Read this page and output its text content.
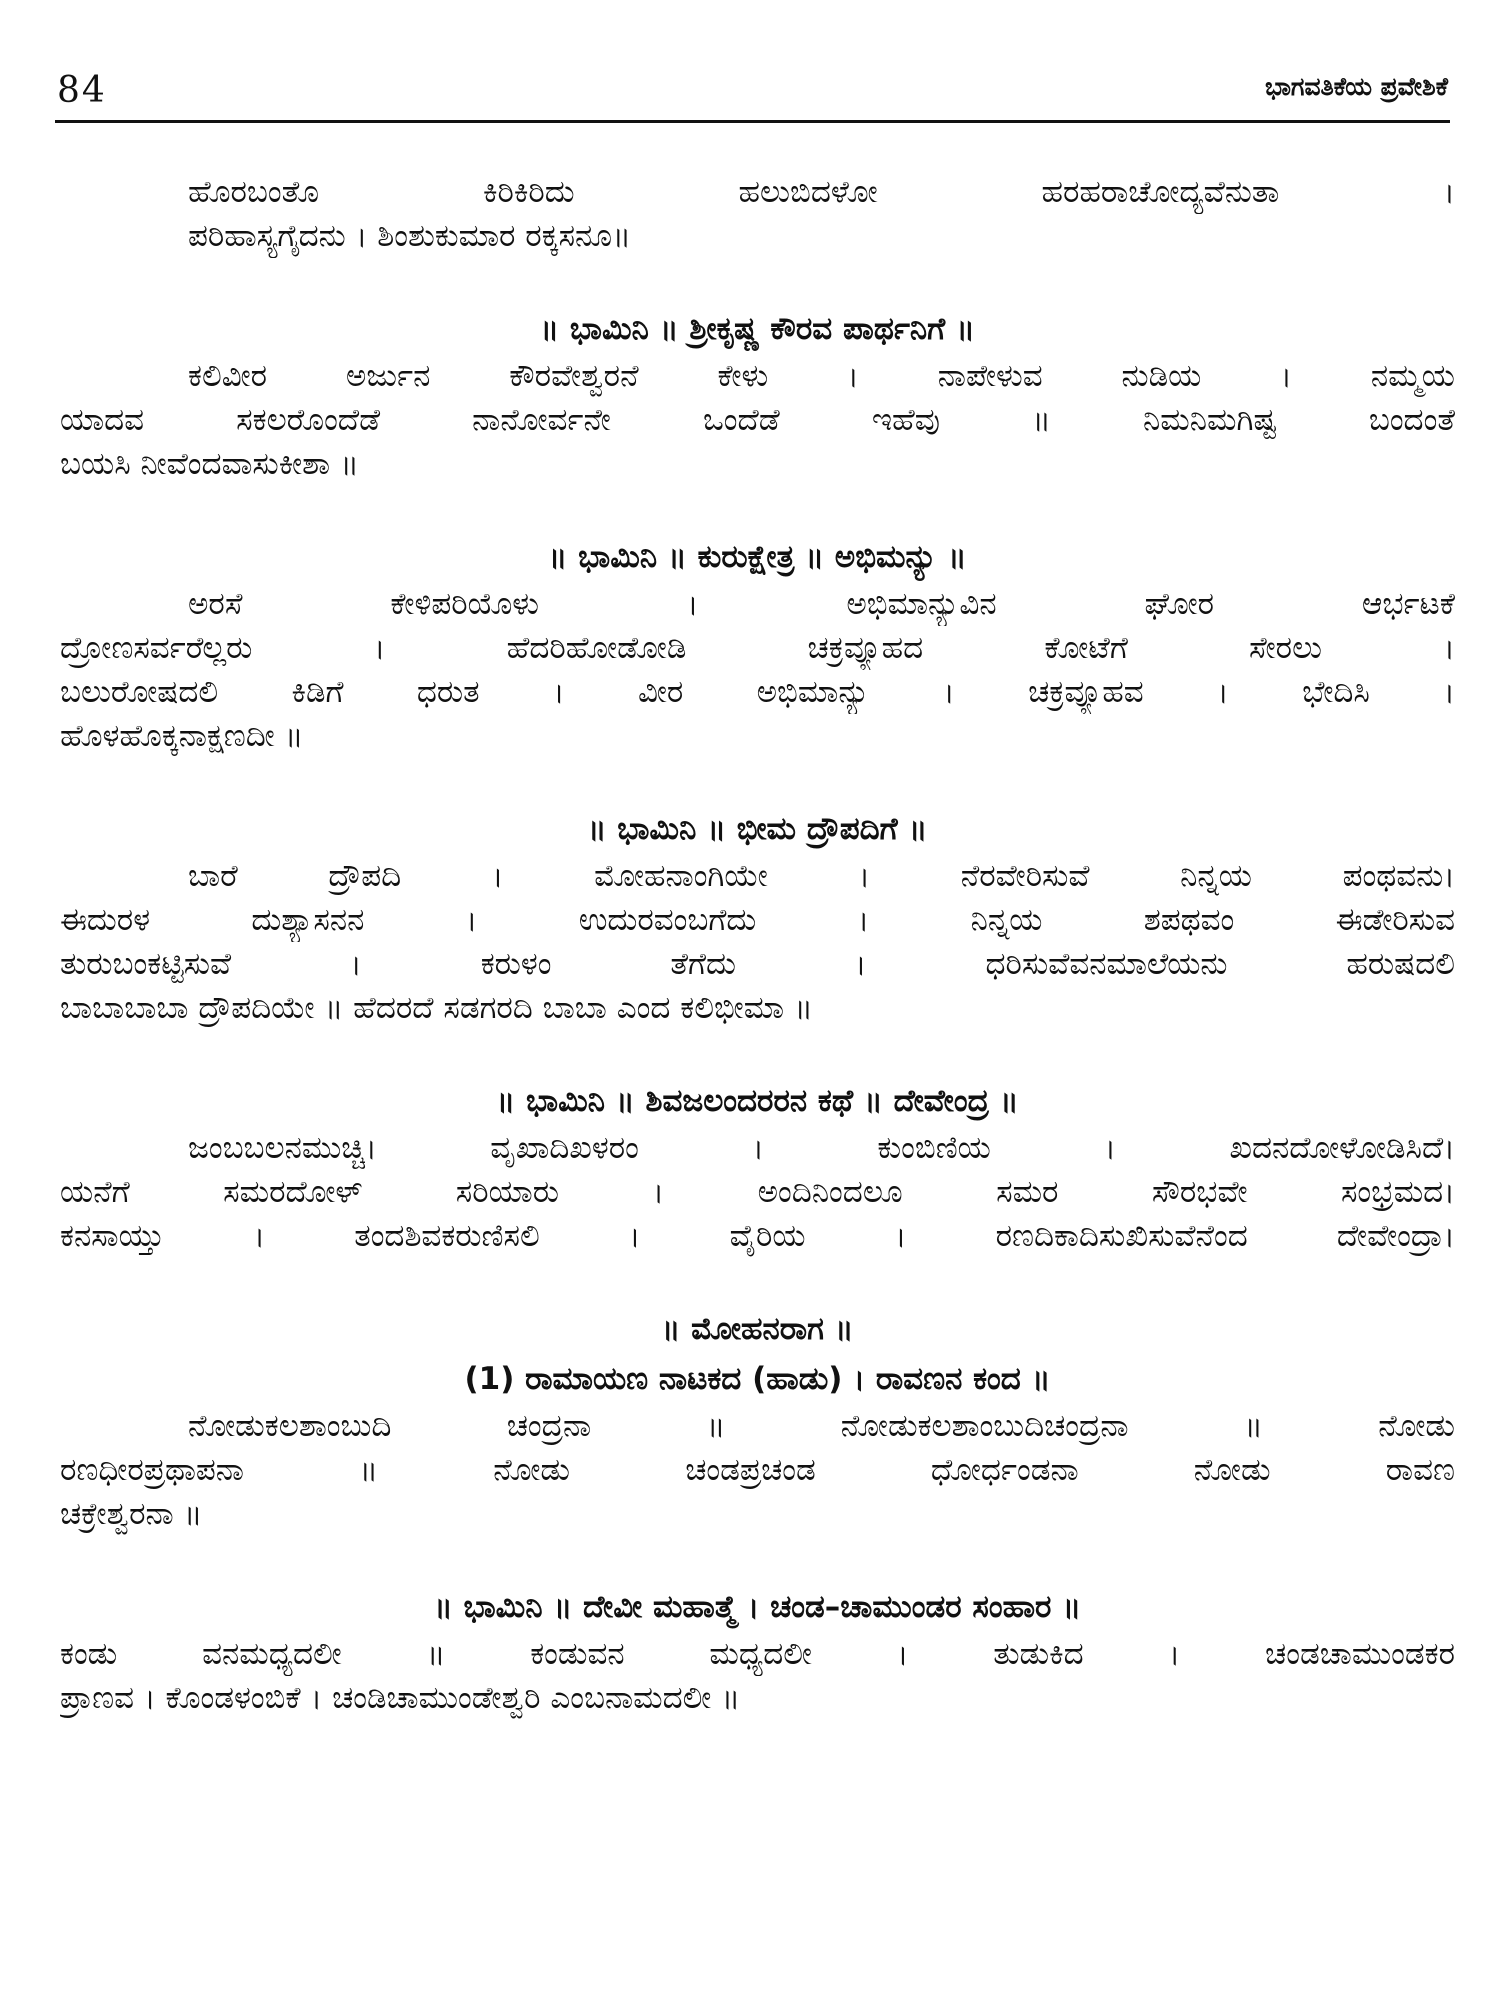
84	ಭಾಗವತಿಕೆಯ ಪ್ರವೇಶಿಕೆ
ಹೊರಬಂತೊ ಕಿರಿಕಿರಿದು ಹಲುಬಿದಳೋ ಹರಹರಾಚೋದ್ಯವೆನುತಾ ।
ಪರಿಹಾಸ್ಯಗೈದನು । ಶಿಂಶುಕುಮಾರ ರಕ್ಕಸನೂ॥
॥ ಭಾಮಿನಿ ॥ ಶ್ರೀಕೃಷ್ಣ ಕೌರವ ಪಾರ್ಥನಿಗೆ ॥
ಕಲಿವೀರ ಅರ್ಜುನ ಕೌರವೇಶ್ವರನೆ ಕೇಳು । ನಾಪೇಳುವ ನುಡಿಯ । ನಮ್ಮಯ
ಯಾದವ ಸಕಲರೊಂದೆಡೆ ನಾನೋರ್ವನೇ ಒಂದೆಡೆ ಇಹೆವು ॥ ನಿಮನಿಮಗಿಷ್ಟ ಬಂದಂತೆ
ಬಯಸಿ ನೀವೆಂದವಾಸುಕೀಶಾ ॥
॥ ಭಾಮಿನಿ ॥ ಕುರುಕ್ಷೇತ್ರ ॥ ಅಭಿಮನ್ಯು ॥
ಅರಸೆ ಕೇಳಿಪರಿಯೊಳು । ಅಭಿಮಾನ್ಯುವಿನ ಘೋರ ಆರ್ಭಟಕೆ
ದ್ರೋಣಸರ್ವರೆಲ್ಲರು । ಹೆದರಿಹೋಡೋಡಿ ಚಕ್ರವ್ಯೂಹದ ಕೋಟೆಗೆ ಸೇರಲು ।
ಬಲುರೋಷದಲಿ ಕಿಡಿಗೆ ಧರುತ । ವೀರ ಅಭಿಮಾನ್ಯು । ಚಕ್ರವ್ಯೂಹವ । ಭೇದಿಸಿ ।
ಹೊಳಹೊಕ್ಕನಾಕ್ಷಣದೀ ॥
॥ ಭಾಮಿನಿ ॥ ಭೀಮ ದ್ರೌಪದಿಗೆ ॥
ಬಾರೆ ದ್ರೌಪದಿ । ಮೋಹನಾಂಗಿಯೇ । ನೆರವೇರಿಸುವೆ ನಿನ್ನಯ ಪಂಥವನು।
ಈದುರಳ ದುಶ್ಯಾಸನನ । ಉದುರವಂಬಗೆದು । ನಿನ್ನಯ ಶಪಥವಂ ಈಡೇರಿಸುವ
ತುರುಬಂಕಟ್ಟಿಸುವೆ । ಕರುಳಂ ತೆಗೆದು । ಧರಿಸುವೆವನಮಾಲೆಯನು ಹರುಷದಲಿ
ಬಾಬಾಬಾಬಾ ದ್ರೌಪದಿಯೇ ॥ ಹೆದರದೆ ಸಡಗರದಿ ಬಾಬಾ ಎಂದ ಕಲಿಭೀಮಾ ॥
॥ ಭಾಮಿನಿ ॥ ಶಿವಜಲಂದರರನ ಕಥೆ ॥ ದೇವೇಂದ್ರ ॥
ಜಂಬಬಲನಮುಚ್ಚಿ। ವೃಖಾದಿಖಳರಂ । ಕುಂಬಿಣಿಯ । ಖದನದೋಳೋಡಿಸಿದೆ।
ಯನೆಗೆ ಸಮರದೋಳ್ ಸರಿಯಾರು । ಅಂದಿನಿಂದಲೂ ಸಮರ ಸೌರಭವೇ ಸಂಭ್ರಮದ।
ಕನಸಾಯ್ತು । ತಂದಶಿವಕರುಣಿಸಲಿ । ವೈರಿಯ । ರಣದಿಕಾದಿಸುಖಿಸುವೆನೆಂದ ದೇವೇಂದ್ರಾ।
॥ ಮೋಹನರಾಗ ॥
(1) ರಾಮಾಯಣ ನಾಟಕದ (ಹಾಡು) । ರಾವಣನ ಕಂದ ॥
ನೋಡುಕಲಶಾಂಬುದಿ ಚಂದ್ರನಾ ॥ ನೋಡುಕಲಶಾಂಬುದಿಚಂದ್ರನಾ ॥ ನೋಡು
ರಣಧೀರಪ್ರಥಾಪನಾ ॥ ನೋಡು ಚಂಡಪ್ರಚಂಡ ಧೋರ್ಧಂಡನಾ ನೋಡು ರಾವಣ
ಚಕ್ರೇಶ್ವರನಾ ॥
॥ ಭಾಮಿನಿ ॥ ದೇವೀ ಮಹಾತ್ಮೆ । ಚಂಡ–ಚಾಮುಂಡರ ಸಂಹಾರ ॥
ಕಂಡು ವನಮಧ್ಯದಲೀ ॥ ಕಂಡುವನ ಮಧ್ಯದಲೀ । ತುಡುಕಿದ । ಚಂಡಚಾಮುಂಡಕರ
ಪ್ರಾಣವ । ಕೊಂಡಳಂಬಿಕೆ । ಚಂಡಿಚಾಮುಂಡೇಶ್ವರಿ ಎಂಬನಾಮದಲೀ ॥
